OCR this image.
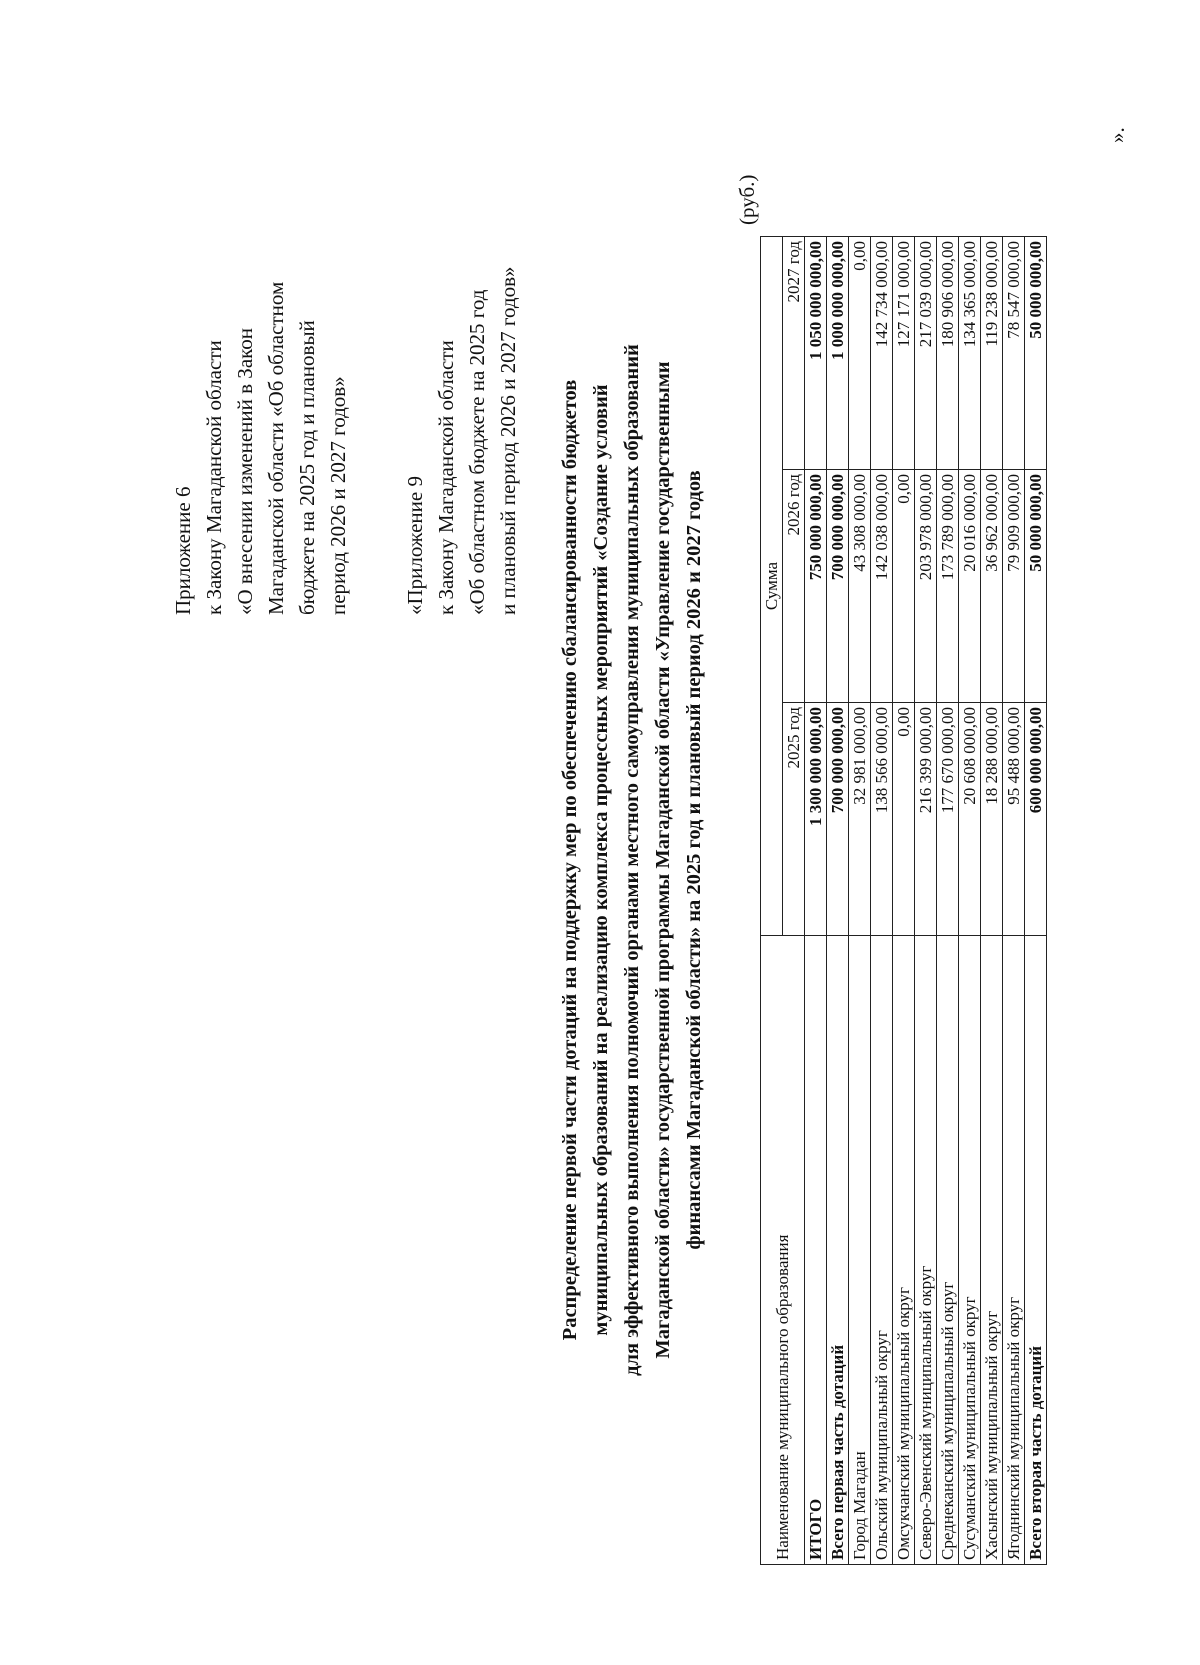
Приложение 6 к Закону Магаданской области «О внесении изменений в Закон Магаданской области «Об областном бюджете на 2025 год и плановый период 2026 и 2027 годов»	«Приложение 9 к Закону Магаданской области «Об областном бюджете на 2025 год и плановый период 2026 и 2027 годов» Распределение первой части дотаций на поддержку мер по обеспечению сбалансированности бюджетов муниципальных образований на реализацию комплекса процессных мероприятий «Создание условий для эффективного выполнения полномочий органами местного самоуправления муниципальных образований Магаданской области» государственной программы Магаданской области «Управление государственными финансами Магаданской области» на 2025 год и плановый период 2026 и 2027 годов
(руб.)
Наименование муниципального образования	Сумма		
	2025 год	2026 год	2027 год
ИТОГО	1 300 000 000,00	750 000 000,00	1 050 000 000,00
Всего первая часть дотаций	700 000 000,00	700 000 000,00	1 000 000 000,00
Город Магадан	32 981 000,00	43 308 000,00	0,00
Ольский муниципальный округ	138 566 000,00	142 038 000,00	142 734 000,00
Омсукчанский муниципальный округ	0,00	0,00	127 171 000,00
Северо-Эвенский муниципальный округ	216 399 000,00	203 978 000,00	217 039 000,00
Среднеканский муниципальный округ	177 670 000,00	173 789 000,00	180 906 000,00
Сусуманский муниципальный округ	20 608 000,00	20 016 000,00	134 365 000,00
Хасынский муниципальный округ	18 288 000,00	36 962 000,00	119 238 000,00
Ягоднинский муниципальный округ	95 488 000,00	79 909 000,00	78 547 000,00
Всего вторая часть дотаций	600 000 000,00	50 000 000,00	50 000 000,00
».
